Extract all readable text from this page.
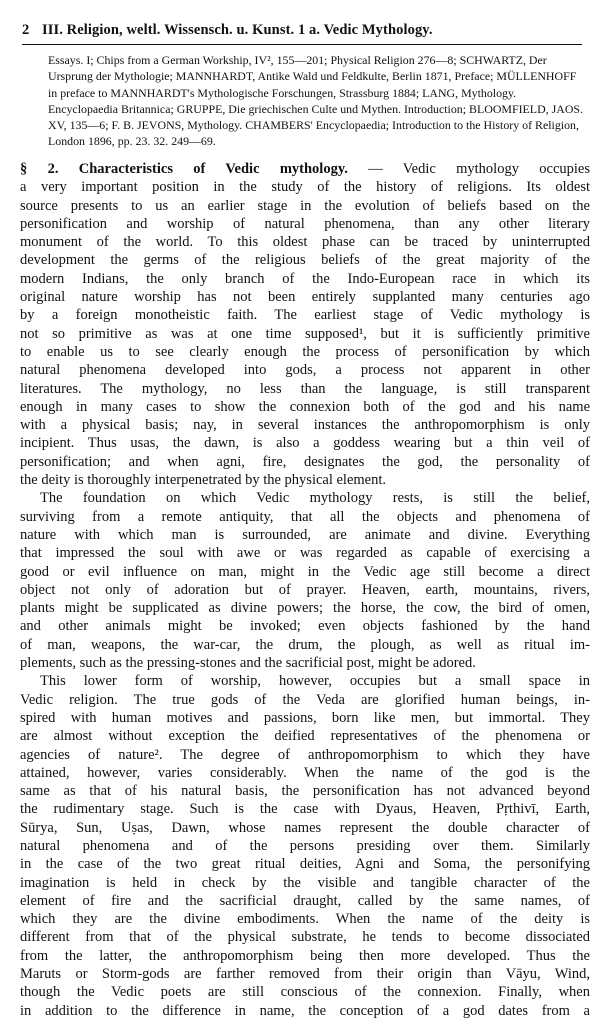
2 III. Religion, weltl. Wissensch. u. Kunst. 1 a. Vedic Mythology.

Essays. I; Chips from a German Workship, IV², 155—201; Physical Religion 276—8; SCHWARTZ, Der Ursprung der Mythologie; MANNHARDT, Antike Wald und Feldkulte, Berlin 1871, Preface; MÜLLENHOFF in preface to MANNHARDT's Mythologische Forschungen, Strassburg 1884; LANG, Mythology. Encyclopaedia Britannica; GRUPPE, Die griechischen Culte und Mythen. Introduction; BLOOMFIELD, JAOS. XV, 135—6; F. B. JEVONS, Mythology. CHAMBERS' Encyclopaedia; Introduction to the History of Religion, London 1896, pp. 23. 32. 249—69.

§ 2. Characteristics of Vedic mythology. — Vedic mythology occupies
a very important position in the study of the history of religions. Its oldest
source presents to us an earlier stage in the evolution of beliefs based on the
personification and worship of natural phenomena, than any other literary
monument of the world. To this oldest phase can be traced by uninterrupted
development the germs of the religious beliefs of the great majority of the
modern Indians, the only branch of the Indo-European race in which its
original nature worship has not been entirely supplanted many centuries ago
by a foreign monotheistic faith. The earliest stage of Vedic mythology is
not so primitive as was at one time supposed¹, but it is sufficiently primitive
to enable us to see clearly enough the process of personification by which
natural phenomena developed into gods, a process not apparent in other
literatures. The mythology, no less than the language, is still transparent
enough in many cases to show the connexion both of the god and his name
with a physical basis; nay, in several instances the anthropomorphism is only
incipient. Thus usas, the dawn, is also a goddess wearing but a thin veil of
personification; and when agni, fire, designates the god, the personality of
the deity is thoroughly interpenetrated by the physical element.
The foundation on which Vedic mythology rests, is still the belief,
surviving from a remote antiquity, that all the objects and phenomena of
nature with which man is surrounded, are animate and divine. Everything
that impressed the soul with awe or was regarded as capable of exercising a
good or evil influence on man, might in the Vedic age still become a direct
object not only of adoration but of prayer. Heaven, earth, mountains, rivers,
plants might be supplicated as divine powers; the horse, the cow, the bird of omen,
and other animals might be invoked; even objects fashioned by the hand
of man, weapons, the war-car, the drum, the plough, as well as ritual im-
plements, such as the pressing-stones and the sacrificial post, might be adored.
This lower form of worship, however, occupies but a small space in
Vedic religion. The true gods of the Veda are glorified human beings, in-
spired with human motives and passions, born like men, but immortal. They
are almost without exception the deified representatives of the phenomena or
agencies of nature². The degree of anthropomorphism to which they have
attained, however, varies considerably. When the name of the god is the
same as that of his natural basis, the personification has not advanced beyond
the rudimentary stage. Such is the case with Dyaus, Heaven, Pṛthivī, Earth,
Sūrya, Sun, Uṣas, Dawn, whose names represent the double character of
natural phenomena and of the persons presiding over them. Similarly
in the case of the two great ritual deities, Agni and Soma, the personifying
imagination is held in check by the visible and tangible character of the
element of fire and the sacrificial draught, called by the same names, of
which they are the divine embodiments. When the name of the deity is
different from that of the physical substrate, he tends to become dissociated
from the latter, the anthropomorphism being then more developed. Thus the
Maruts or Storm-gods are farther removed from their origin than Vāyu, Wind,
though the Vedic poets are still conscious of the connexion. Finally, when
in addition to the difference in name, the conception of a god dates from a
